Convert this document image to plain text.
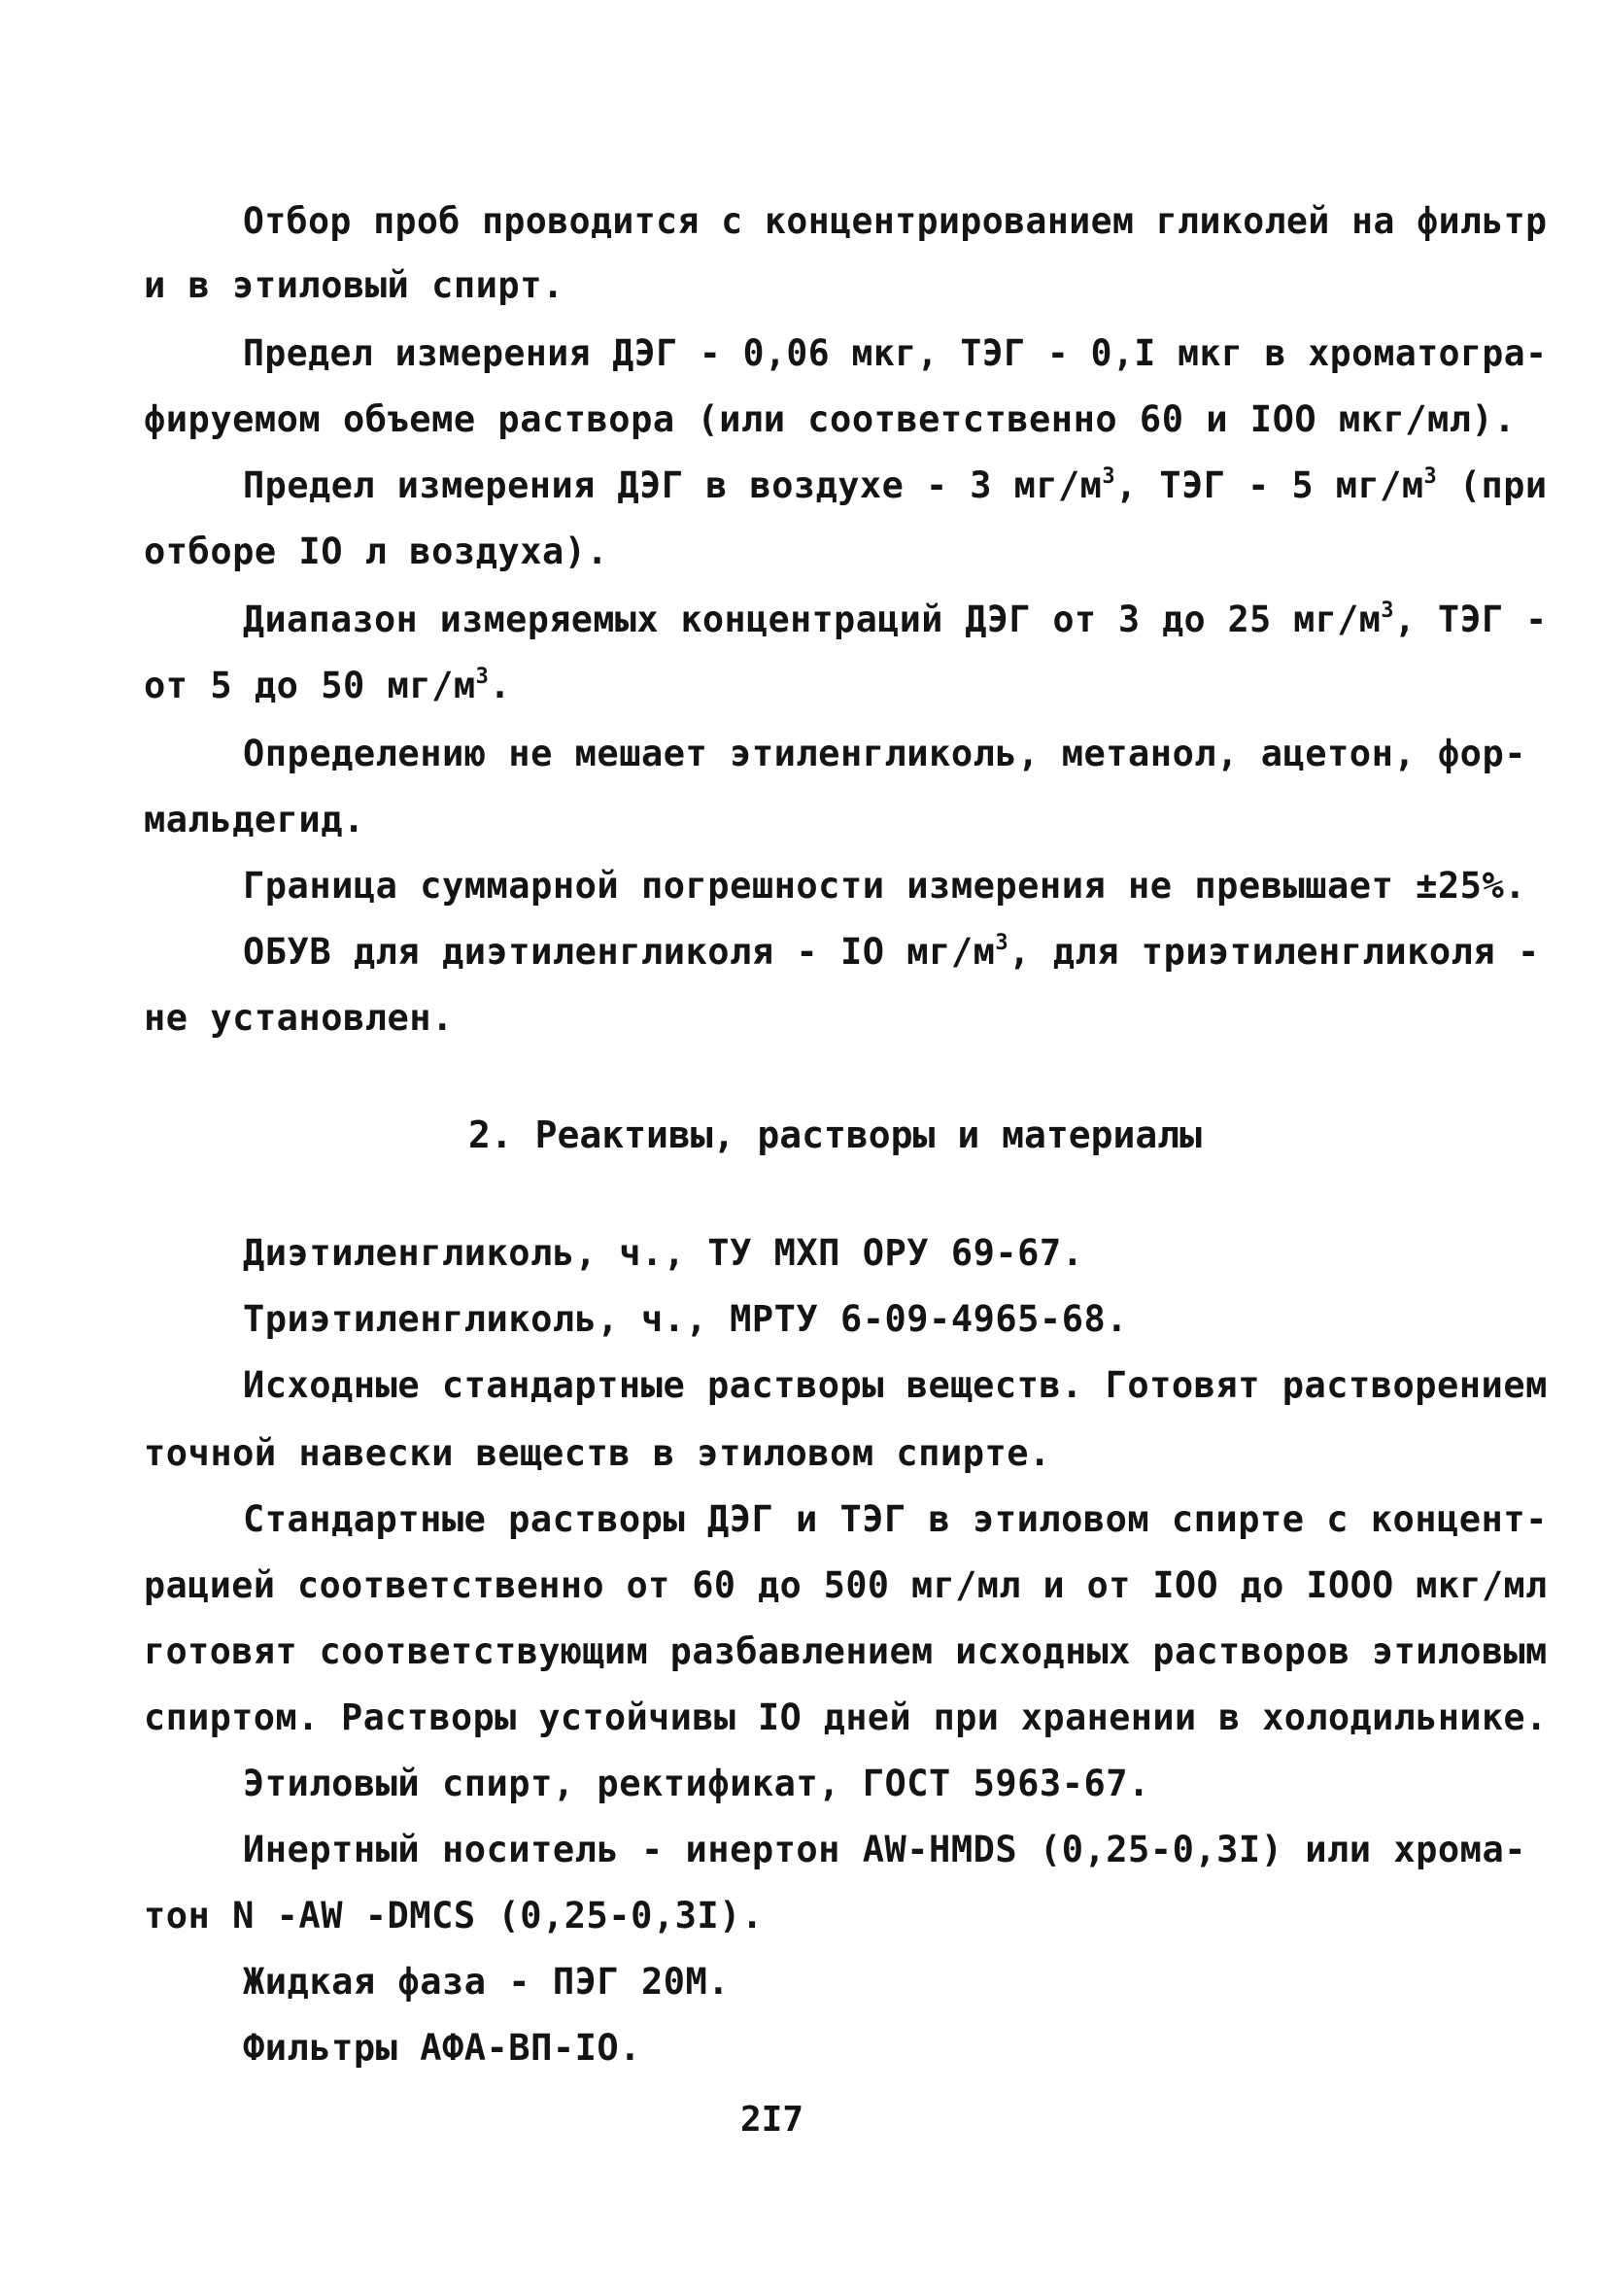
Отбор проб проводится с концентрированием гликолей на фильтр
и в этиловый спирт.
Предел измерения ДЭГ - 0,06 мкг, ТЭГ - 0,I мкг в хроматогра-
фируемом объеме раствора (или соответственно 60 и IOO мкг/мл).
Предел измерения ДЭГ в воздухе - 3 $мг/м^3$, ТЭГ - 5 $мг/м^3$ (при
отборе IO л воздуха).
Диапазон измеряемых концентраций ДЭГ от 3 до 25 $мг/м^3$, ТЭГ -
от 5 до 50 $мг/м^3$.
Определению не мешает этиленгликоль, метанол, ацетон, фор-
мальдегид.
Граница суммарной погрешности измерения не превышает ±25%.
ОБУВ для диэтиленгликоля - IO $мг/м^3$, для триэтиленгликоля -
не установлен.
2. Реактивы, растворы и материалы
Диэтиленгликоль, ч., ТУ МХП ОРУ 69-67.
Триэтиленгликоль, ч., МРТУ 6-09-4965-68.
Исходные стандартные растворы веществ. Готовят растворением
точной навески веществ в этиловом спирте.
Стандартные растворы ДЭГ и ТЭГ в этиловом спирте с концент-
рацией соответственно от 60 до 500 мг/мл и от IOO до IOOO мкг/мл
готовят соответствующим разбавлением исходных растворов этиловым
спиртом. Растворы устойчивы IO дней при хранении в холодильнике.
Этиловый спирт, ректификат, ГОСТ 5963-67.
Инертный носитель - инертон AW-HMDS (0,25-0,3I) или хрома-
тон N -AW -DMCS (0,25-0,3I).
Жидкая фаза - ПЭГ 20М.
Фильтры АФА-ВП-IO.
2I7
